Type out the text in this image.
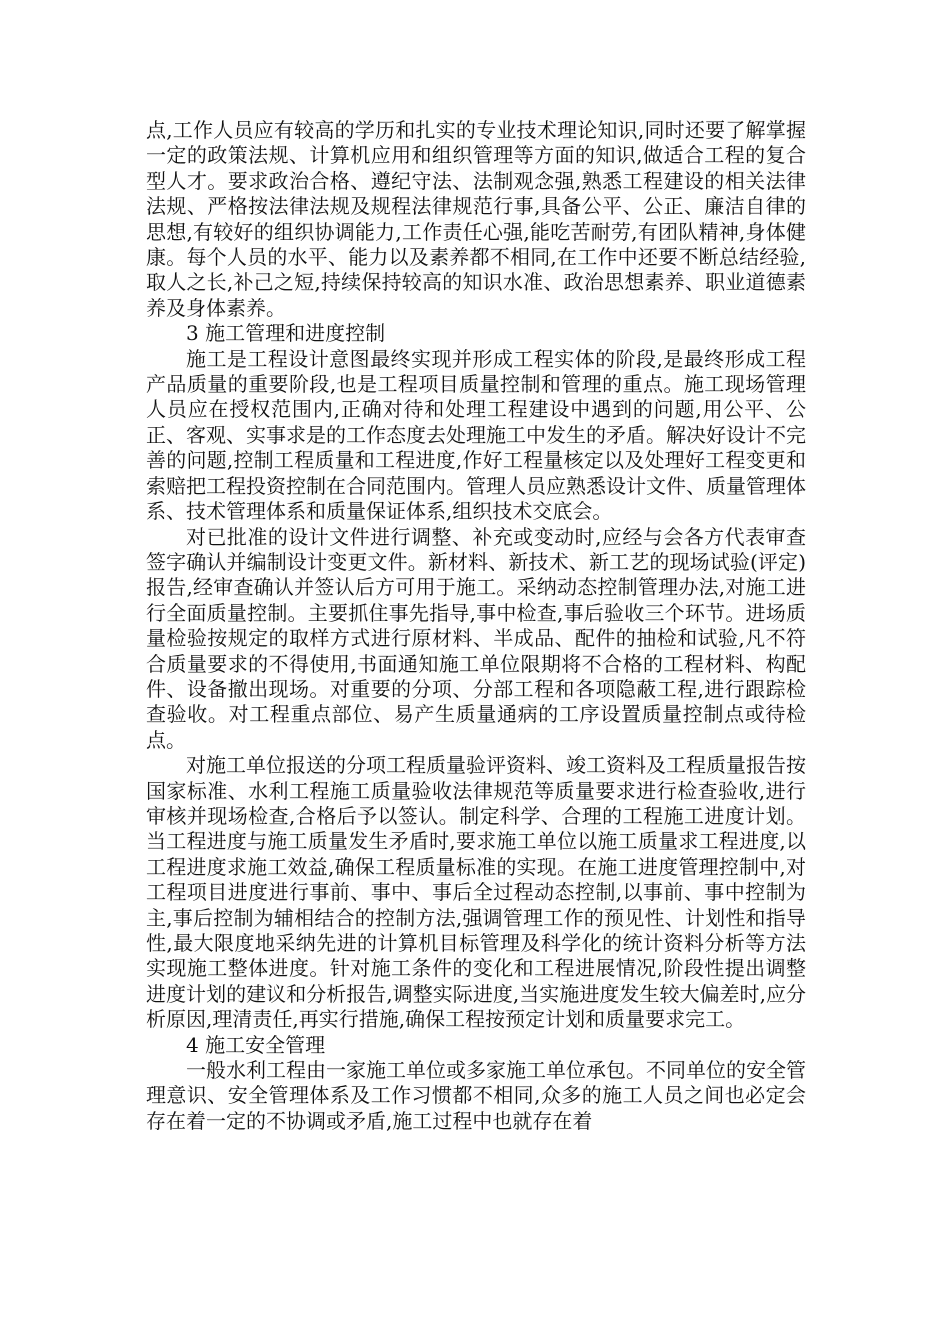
点,工作人员应有较高的学历和扎实的专业技术理论知识,同时还要了解掌握一定的政策法规、计算机应用和组织管理等方面的知识,做适合工程的复合型人才。要求政治合格、遵纪守法、法制观念强,熟悉工程建设的相关法律法规、严格按法律法规及规程法律规范行事,具备公平、公正、廉洁自律的思想,有较好的组织协调能力,工作责任心强,能吃苦耐劳,有团队精神,身体健康。每个人员的水平、能力以及素养都不相同,在工作中还要不断总结经验,取人之长,补己之短,持续保持较高的知识水准、政治思想素养、职业道德素养及身体素养。

3 施工管理和进度控制

施工是工程设计意图最终实现并形成工程实体的阶段,是最终形成工程产品质量的重要阶段,也是工程项目质量控制和管理的重点。施工现场管理人员应在授权范围内,正确对待和处理工程建设中遇到的问题,用公平、公正、客观、实事求是的工作态度去处理施工中发生的矛盾。解决好设计不完善的问题,控制工程质量和工程进度,作好工程量核定以及处理好工程变更和索赔把工程投资控制在合同范围内。管理人员应熟悉设计文件、质量管理体系、技术管理体系和质量保证体系,组织技术交底会。

对已批准的设计文件进行调整、补充或变动时,应经与会各方代表审查签字确认并编制设计变更文件。新材料、新技术、新工艺的现场试验(评定)报告,经审查确认并签认后方可用于施工。采纳动态控制管理办法,对施工进行全面质量控制。主要抓住事先指导,事中检查,事后验收三个环节。进场质量检验按规定的取样方式进行原材料、半成品、配件的抽检和试验,凡不符合质量要求的不得使用,书面通知施工单位限期将不合格的工程材料、构配件、设备撤出现场。对重要的分项、分部工程和各项隐蔽工程,进行跟踪检查验收。对工程重点部位、易产生质量通病的工序设置质量控制点或待检点。

对施工单位报送的分项工程质量验评资料、竣工资料及工程质量报告按国家标准、水利工程施工质量验收法律规范等质量要求进行检查验收,进行审核并现场检查,合格后予以签认。制定科学、合理的工程施工进度计划。当工程进度与施工质量发生矛盾时,要求施工单位以施工质量求工程进度,以工程进度求施工效益,确保工程质量标准的实现。在施工进度管理控制中,对工程项目进度进行事前、事中、事后全过程动态控制,以事前、事中控制为主,事后控制为辅相结合的控制方法,强调管理工作的预见性、计划性和指导性,最大限度地采纳先进的计算机目标管理及科学化的统计资料分析等方法实现施工整体进度。针对施工条件的变化和工程进展情况,阶段性提出调整进度计划的建议和分析报告,调整实际进度,当实施进度发生较大偏差时,应分析原因,理清责任,再实行措施,确保工程按预定计划和质量要求完工。

4 施工安全管理

一般水利工程由一家施工单位或多家施工单位承包。不同单位的安全管理意识、安全管理体系及工作习惯都不相同,众多的施工人员之间也必定会存在着一定的不协调或矛盾,施工过程中也就存在着
